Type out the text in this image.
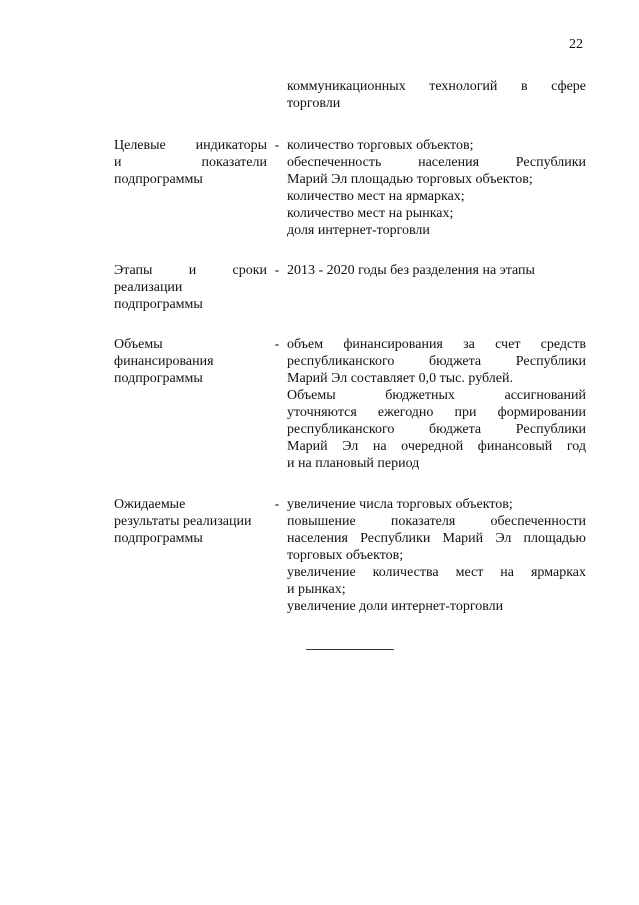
22
коммуникационных технологий в сфере
торговли
Целевые индикаторы
и показатели
подпрограммы
- количество торговых объектов;
обеспеченность населения Республики
Марий Эл площадью торговых объектов;
количество мест на ярмарках;
количество мест на рынках;
доля интернет-торговли
Этапы и сроки
реализации
подпрограммы
- 2013 - 2020 годы без разделения на этапы
Объемы
финансирования
подпрограммы
- объем финансирования за счет средств
республиканского бюджета Республики
Марий Эл составляет 0,0 тыс. рублей.
Объемы бюджетных ассигнований
уточняются ежегодно при формировании
республиканского бюджета Республики
Марий Эл на очередной финансовый год
и на плановый период
Ожидаемые
результаты реализации
подпрограммы
- увеличение числа торговых объектов;
повышение показателя обеспеченности
населения Республики Марий Эл площадью
торговых объектов;
увеличение количества мест на ярмарках
и рынках;
увеличение доли интернет-торговли
